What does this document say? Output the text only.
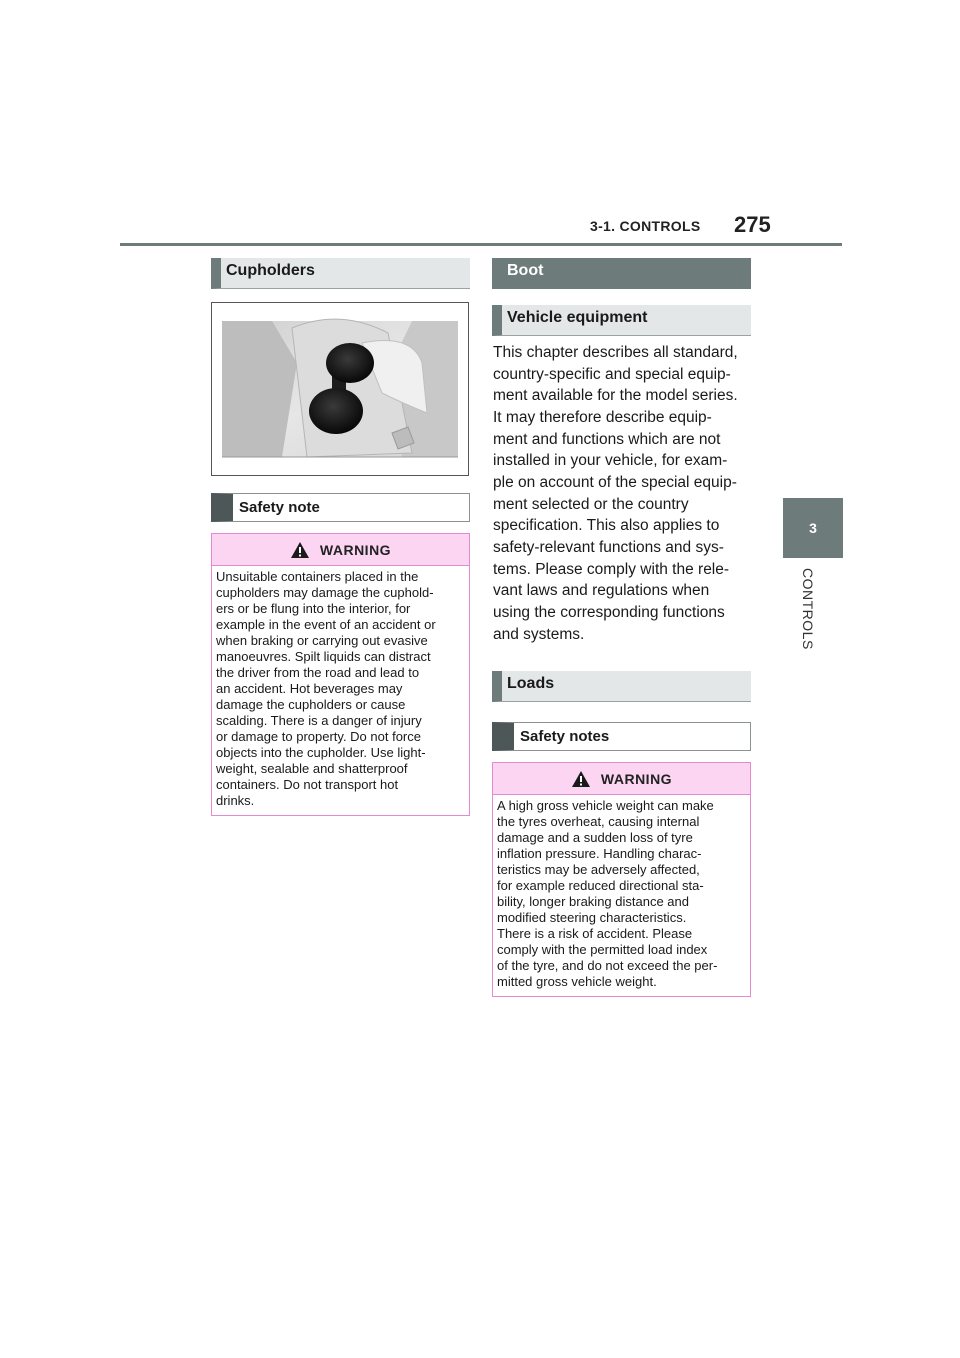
3-1. CONTROLS 275
3
CONTROLS
Cupholders
Safety note
WARNING
Unsuitable containers placed in the
cupholders may damage the cuphold-
ers or be flung into the interior, for
example in the event of an accident or
when braking or carrying out evasive
manoeuvres. Spilt liquids can distract
the driver from the road and lead to
an accident. Hot beverages may
damage the cupholders or cause
scalding. There is a danger of injury
or damage to property. Do not force
objects into the cupholder. Use light-
weight, sealable and shatterproof
containers. Do not transport hot
drinks.
Boot
Vehicle equipment
This chapter describes all standard,
country-specific and special equip-
ment available for the model series.
It may therefore describe equip-
ment and functions which are not
installed in your vehicle, for exam-
ple on account of the special equip-
ment selected or the country
specification. This also applies to
safety-relevant functions and sys-
tems. Please comply with the rele-
vant laws and regulations when
using the corresponding functions
and systems.
Loads
Safety notes
WARNING
A high gross vehicle weight can make
the tyres overheat, causing internal
damage and a sudden loss of tyre
inflation pressure. Handling charac-
teristics may be adversely affected,
for example reduced directional sta-
bility, longer braking distance and
modified steering characteristics.
There is a risk of accident. Please
comply with the permitted load index
of the tyre, and do not exceed the per-
mitted gross vehicle weight.
